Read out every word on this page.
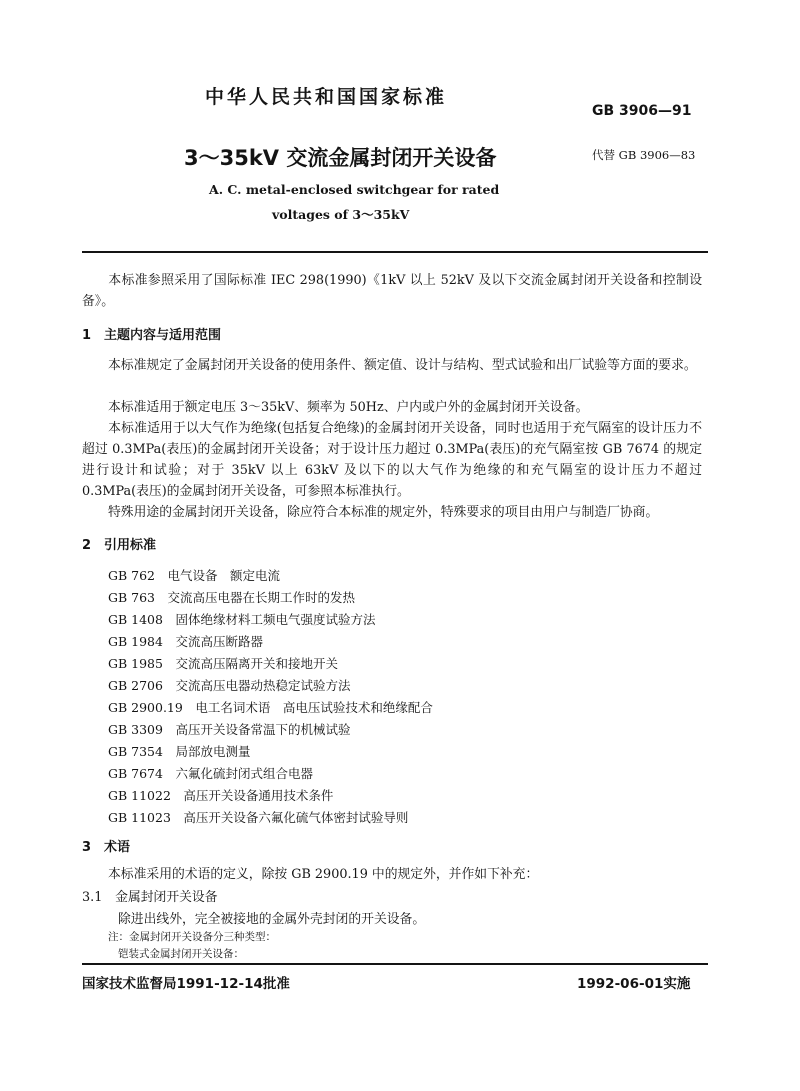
中华人民共和国国家标准
GB 3906—91
3～35kV 交流金属封闭开关设备	代替 GB 3906—83
A. C. metal-enclosed switchgear for rated
voltages of 3～35kV

本标准参照采用了国际标准 IEC 298(1990)《1kV 以上 52kV 及以下交流金属封闭开关设备和控制设备》。

1　主题内容与适用范围

本标准规定了金属封闭开关设备的使用条件、额定值、设计与结构、型式试验和出厂试验等方面的要求。

本标准适用于额定电压 3～35kV、频率为 50Hz、户内或户外的金属封闭开关设备。

本标准适用于以大气作为绝缘(包括复合绝缘)的金属封闭开关设备，同时也适用于充气隔室的设计压力不超过 0.3MPa(表压)的金属封闭开关设备；对于设计压力超过 0.3MPa(表压)的充气隔室按 GB 7674 的规定进行设计和试验；对于 35kV 以上 63kV 及以下的以大气作为绝缘的和充气隔室的设计压力不超过 0.3MPa(表压)的金属封闭开关设备，可参照本标准执行。

特殊用途的金属封闭开关设备，除应符合本标准的规定外，特殊要求的项目由用户与制造厂协商。

2　引用标准
GB 762　电气设备　额定电流
GB 763　交流高压电器在长期工作时的发热
GB 1408　固体绝缘材料工频电气强度试验方法
GB 1984　交流高压断路器
GB 1985　交流高压隔离开关和接地开关
GB 2706　交流高压电器动热稳定试验方法
GB 2900.19　电工名词术语　高电压试验技术和绝缘配合
GB 3309　高压开关设备常温下的机械试验
GB 7354　局部放电测量
GB 7674　六氟化硫封闭式组合电器
GB 11022　高压开关设备通用技术条件
GB 11023　高压开关设备六氟化硫气体密封试验导则
3　术语

本标准采用的术语的定义，除按 GB 2900.19 中的规定外，并作如下补充：

3.1　金属封闭开关设备
除进出线外，完全被接地的金属外壳封闭的开关设备。
注：金属封闭开关设备分三种类型：
铠装式金属封闭开关设备：
国家技术监督局1991-12-14批准	1992-06-01实施
